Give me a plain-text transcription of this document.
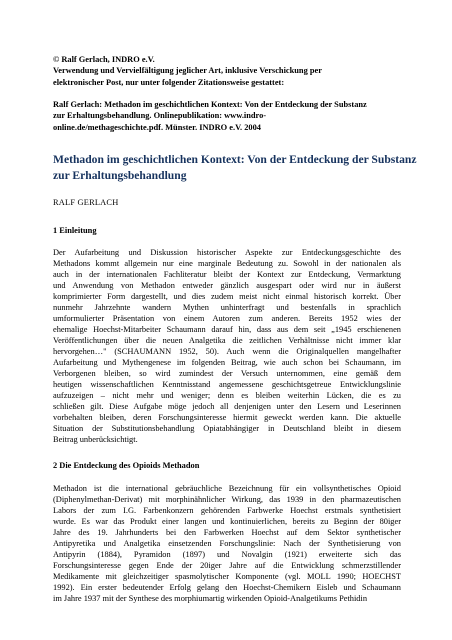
© Ralf Gerlach, INDRO e.V.
Verwendung und Vervielfältigung jeglicher Art, inklusive Verschickung per
elektronischer Post, nur unter folgender Zitationsweise gestattet:

Ralf Gerlach: Methadon im geschichtlichen Kontext: Von der Entdeckung der Substanz
zur Erhaltungsbehandlung. Onlinepublikation: www.indro-
online.de/methageschichte.pdf. Münster. INDRO e.V. 2004
Methadon im geschichtlichen Kontext: Von der Entdeckung der Substanz
zur Erhaltungsbehandlung
RALF GERLACH
1 Einleitung
Der Aufarbeitung und Diskussion historischer Aspekte zur Entdeckungsgeschichte des
Methadons kommt allgemein nur eine marginale Bedeutung zu. Sowohl in der nationalen als
auch in der internationalen Fachliteratur bleibt der Kontext zur Entdeckung, Vermarktung
und Anwendung von Methadon entweder gänzlich ausgespart oder wird nur in äußerst
komprimierter Form dargestellt, und dies zudem meist nicht einmal historisch korrekt. Über
nunmehr Jahrzehnte wandern Mythen unhinterfragt und bestenfalls in sprachlich
umformulierter Präsentation von einem Autoren zum anderen. Bereits 1952 wies der
ehemalige Hoechst-Mitarbeiter Schaumann darauf hin, dass aus dem seit „1945 erschienenen
Veröffentlichungen über die neuen Analgetika die zeitlichen Verhältnisse nicht immer klar
hervorgehen…" (SCHAUMANN 1952, 50). Auch wenn die Originalquellen mangelhafter
Aufarbeitung und Mythengenese im folgenden Beitrag, wie auch schon bei Schaumann, im
Verborgenen bleiben, so wird zumindest der Versuch unternommen, eine gemäß dem
heutigen wissenschaftlichen Kenntnisstand angemessene geschichtsgetreue Entwicklungslinie
aufzuzeigen – nicht mehr und weniger; denn es bleiben weiterhin Lücken, die es zu
schließen gilt. Diese Aufgabe möge jedoch all denjenigen unter den Lesern und Leserinnen
vorbehalten bleiben, deren Forschungsinteresse hiermit geweckt werden kann. Die aktuelle
Situation der Substitutionsbehandlung Opiatabhängiger in Deutschland bleibt in diesem
Beitrag unberücksichtigt.
2 Die Entdeckung des Opioids Methadon
Methadon ist die international gebräuchliche Bezeichnung für ein vollsynthetisches Opioid
(Diphenylmethan-Derivat) mit morphinähnlicher Wirkung, das 1939 in den pharmazeutischen
Labors der zum I.G. Farbenkonzern gehörenden Farbwerke Hoechst erstmals synthetisiert
wurde. Es war das Produkt einer langen und kontinuierlichen, bereits zu Beginn der 80iger
Jahre des 19. Jahrhunderts bei den Farbwerken Hoechst auf dem Sektor synthetischer
Antipyretika und Analgetika einsetzenden Forschungslinie: Nach der Synthetisierung von
Antipyrin (1884), Pyramidon (1897) und Novalgin (1921) erweiterte sich das
Forschungsinteresse gegen Ende der 20iger Jahre auf die Entwicklung schmerzstillender
Medikamente mit gleichzeitiger spasmolytischer Komponente (vgl. MOLL 1990; HOECHST
1992). Ein erster bedeutender Erfolg gelang den Hoechst-Chemikern Eisleb und Schaumann
im Jahre 1937 mit der Synthese des morphiumartig wirkenden Opioid-Analgetikums Pethidin
